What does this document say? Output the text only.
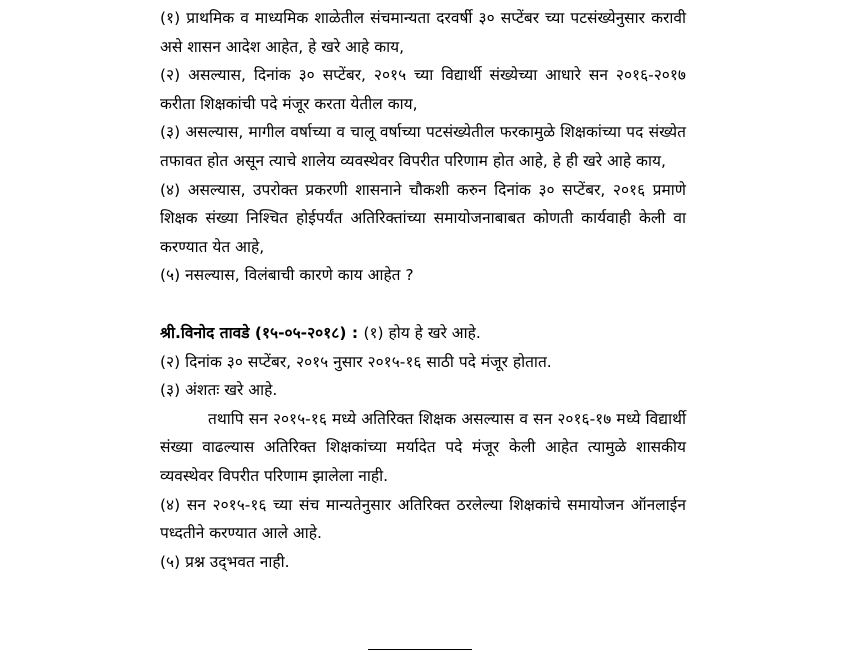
(१) प्राथमिक व माध्यमिक शाळेतील संचमान्यता दरवर्षी ३० सप्टेंबर च्या पटसंख्येनुसार करावी असे शासन आदेश आहेत, हे खरे आहे काय,

(२) असल्यास, दिनांक ३० सप्टेंबर, २०१५ च्या विद्यार्थी संख्येच्या आधारे सन २०१६-२०१७ करीता शिक्षकांची पदे मंजूर करता येतील काय,

(३) असल्यास, मागील वर्षाच्या व चालू वर्षाच्या पटसंख्येतील फरकामुळे शिक्षकांच्या पद संख्येत तफावत होत असून त्याचे शालेय व्यवस्थेवर विपरीत परिणाम होत आहे, हे ही खरे आहे काय,

(४) असल्यास, उपरोक्त प्रकरणी शासनाने चौकशी करुन दिनांक ३० सप्टेंबर, २०१६ प्रमाणे शिक्षक संख्या निश्चित होईपर्यंत अतिरिक्तांच्या समायोजनाबाबत कोणती कार्यवाही केली वा करण्यात येत आहे,

(५) नसल्यास, विलंबाची कारणे काय आहेत ?

श्री.विनोद तावडे (१५-०५-२०१८) : (१) होय हे खरे आहे.

(२) दिनांक ३० सप्टेंबर, २०१५ नुसार २०१५-१६ साठी पदे मंजूर होतात.

(३) अंशतः खरे आहे.

तथापि सन २०१५-१६ मध्ये अतिरिक्त शिक्षक असल्यास व सन २०१६-१७ मध्ये विद्यार्थी संख्या वाढल्यास अतिरिक्त शिक्षकांच्या मर्यादेत पदे मंजूर केली आहेत त्यामुळे शासकीय व्यवस्थेवर विपरीत परिणाम झालेला नाही.

(४) सन २०१५-१६ च्या संच मान्यतेनुसार अतिरिक्त ठरलेल्या शिक्षकांचे समायोजन ऑनलाईन पध्दतीने करण्यात आले आहे.

(५) प्रश्न उद्‌भवत नाही.
